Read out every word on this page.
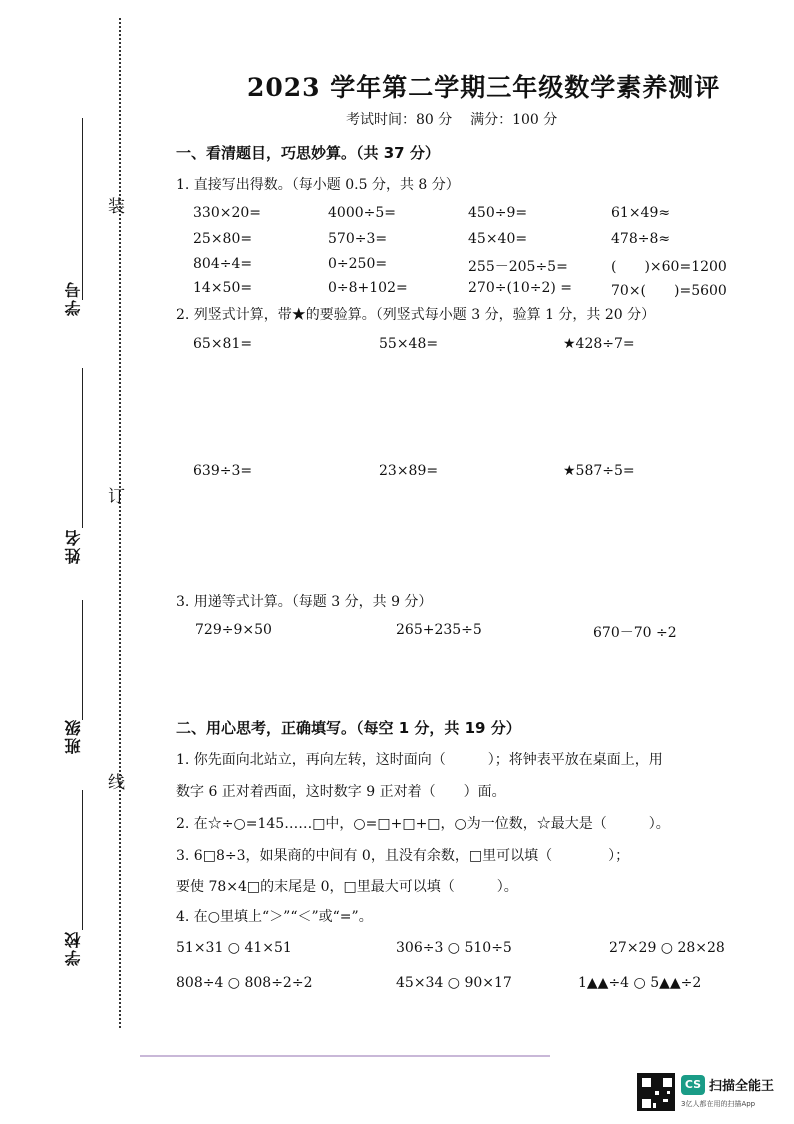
学号
姓名
班级
学校
装
订
线
2023 学年第二学期三年级数学素养测评
考试时间：80 分    满分：100 分
一、看清题目，巧思妙算。（共 37 分）
1. 直接写出得数。（每小题 0.5 分，共 8 分）
330×20=	4000÷5=	450÷9=	61×49≈
25×80=	570÷3=	45×40=	478÷8≈
804÷4=	0÷250=	255－205÷5=	(　　)×60=1200
14×50=	0÷8+102=	270÷(10÷2) =	70×(　　)=5600
2. 列竖式计算，带★的要验算。（列竖式每小题 3 分，验算 1 分，共 20 分）
65×81=	55×48=	★428÷7=
639÷3=	23×89=	★587÷5=
3. 用递等式计算。（每题 3 分，共 9 分）
729÷9×50	265+235÷5	670－70 ÷2
二、用心思考，正确填写。（每空 1 分，共 19 分）
1. 你先面向北站立，再向左转，这时面向（　　　）；将钟表平放在桌面上，用
数字 6 正对着西面，这时数字 9 正对着（　　）面。
2. 在☆÷○=145……□中，○=□+□+□，○为一位数，☆最大是（　　　）。
3. 6□8÷3，如果商的中间有 0，且没有余数，□里可以填（　　　　）；
要使 78×4□的末尾是 0，□里最大可以填（　　　）。
4. 在○里填上“＞”“＜”或“=”。
51×31 ○ 41×51	306÷3 ○ 510÷5	27×29 ○ 28×28
808÷4 ○ 808÷2÷2	45×34 ○ 90×17	1▲▲÷4 ○ 5▲▲÷2
CS 扫描全能王
3亿人都在用的扫描App
